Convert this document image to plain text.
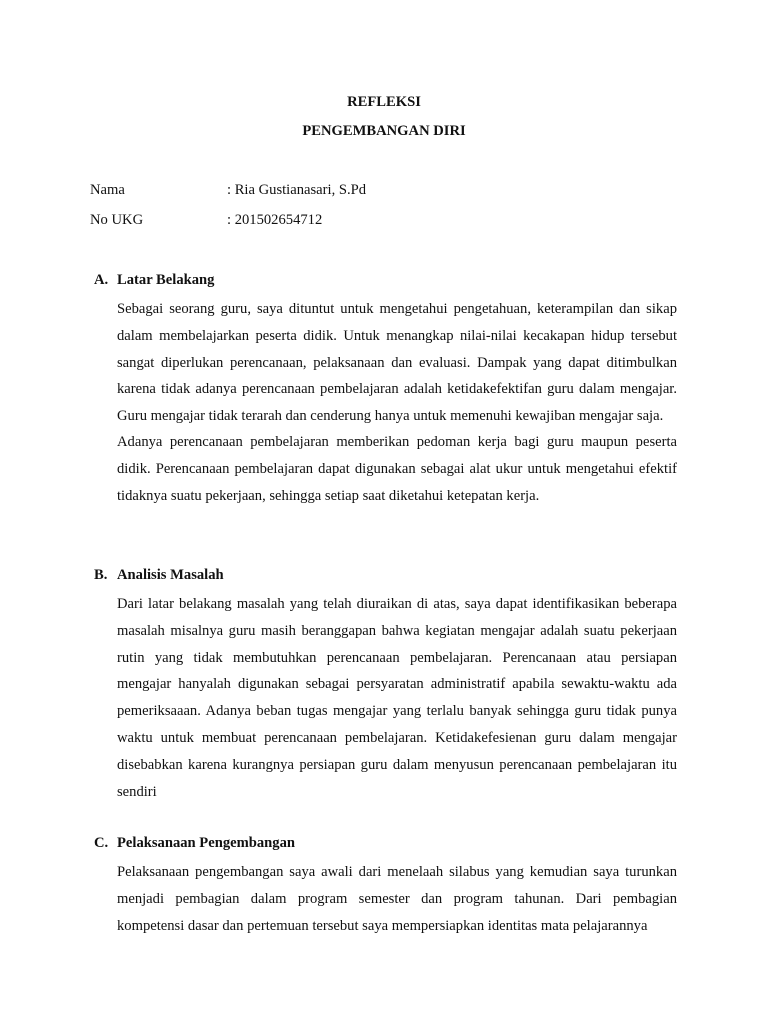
REFLEKSI
PENGEMBANGAN DIRI
Nama	: Ria Gustianasari, S.Pd
No UKG	: 201502654712
A. Latar Belakang

Sebagai seorang guru, saya dituntut untuk mengetahui pengetahuan, keterampilan dan sikap dalam membelajarkan peserta didik. Untuk menangkap nilai-nilai kecakapan hidup tersebut sangat diperlukan perencanaan, pelaksanaan dan evaluasi. Dampak yang dapat ditimbulkan karena tidak adanya perencanaan pembelajaran adalah ketidakefektifan guru dalam mengajar. Guru mengajar tidak terarah dan cenderung hanya untuk memenuhi kewajiban mengajar saja.

Adanya perencanaan pembelajaran memberikan pedoman kerja bagi guru maupun peserta didik. Perencanaan pembelajaran dapat digunakan sebagai alat ukur untuk mengetahui efektif tidaknya suatu pekerjaan, sehingga setiap saat diketahui ketepatan kerja.

B. Analisis Masalah

Dari latar belakang masalah yang telah diuraikan di atas, saya dapat identifikasikan beberapa masalah misalnya guru masih beranggapan bahwa kegiatan mengajar adalah suatu pekerjaan rutin yang tidak membutuhkan perencanaan pembelajaran. Perencanaan atau persiapan mengajar hanyalah digunakan sebagai persyaratan administratif apabila sewaktu-waktu ada pemeriksaaan. Adanya beban tugas mengajar yang terlalu banyak sehingga guru tidak punya waktu untuk membuat perencanaan pembelajaran. Ketidakefesienan guru dalam mengajar disebabkan karena kurangnya persiapan guru dalam menyusun perencanaan pembelajaran itu sendiri

C. Pelaksanaan Pengembangan

Pelaksanaan pengembangan saya awali dari menelaah silabus yang kemudian saya turunkan menjadi pembagian dalam program semester dan program tahunan. Dari pembagian kompetensi dasar dan pertemuan tersebut saya mempersiapkan identitas mata pelajarannya
